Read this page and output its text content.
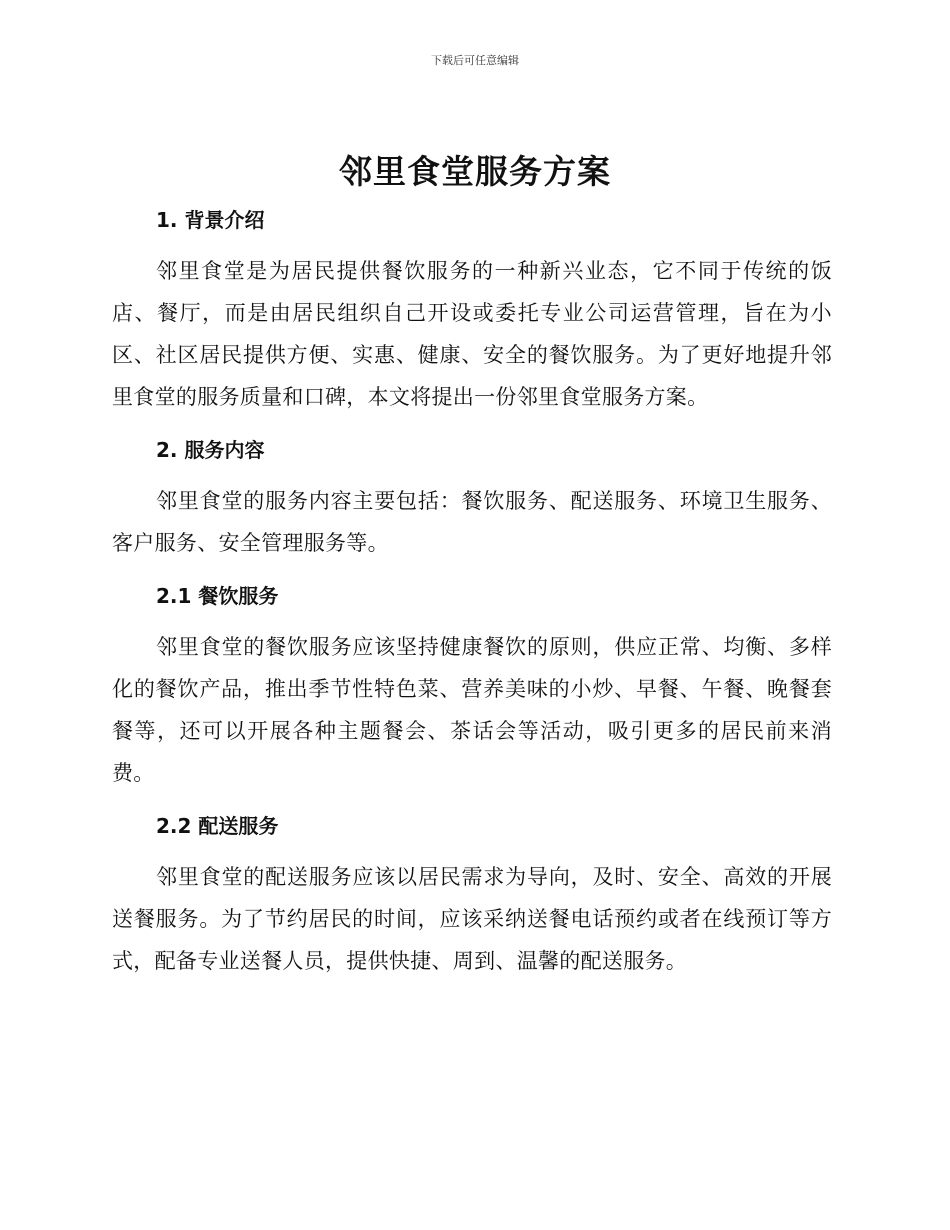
下载后可任意编辑
邻里食堂服务方案
1. 背景介绍

邻里食堂是为居民提供餐饮服务的一种新兴业态，它不同于传统的饭店、餐厅，而是由居民组织自己开设或委托专业公司运营管理，旨在为小区、社区居民提供方便、实惠、健康、安全的餐饮服务。为了更好地提升邻里食堂的服务质量和口碑，本文将提出一份邻里食堂服务方案。

2. 服务内容

邻里食堂的服务内容主要包括：餐饮服务、配送服务、环境卫生服务、客户服务、安全管理服务等。

2.1 餐饮服务

邻里食堂的餐饮服务应该坚持健康餐饮的原则，供应正常、均衡、多样化的餐饮产品，推出季节性特色菜、营养美味的小炒、早餐、午餐、晚餐套餐等，还可以开展各种主题餐会、茶话会等活动，吸引更多的居民前来消费。

2.2 配送服务

邻里食堂的配送服务应该以居民需求为导向，及时、安全、高效的开展送餐服务。为了节约居民的时间，应该采纳送餐电话预约或者在线预订等方式，配备专业送餐人员，提供快捷、周到、温馨的配送服务。
